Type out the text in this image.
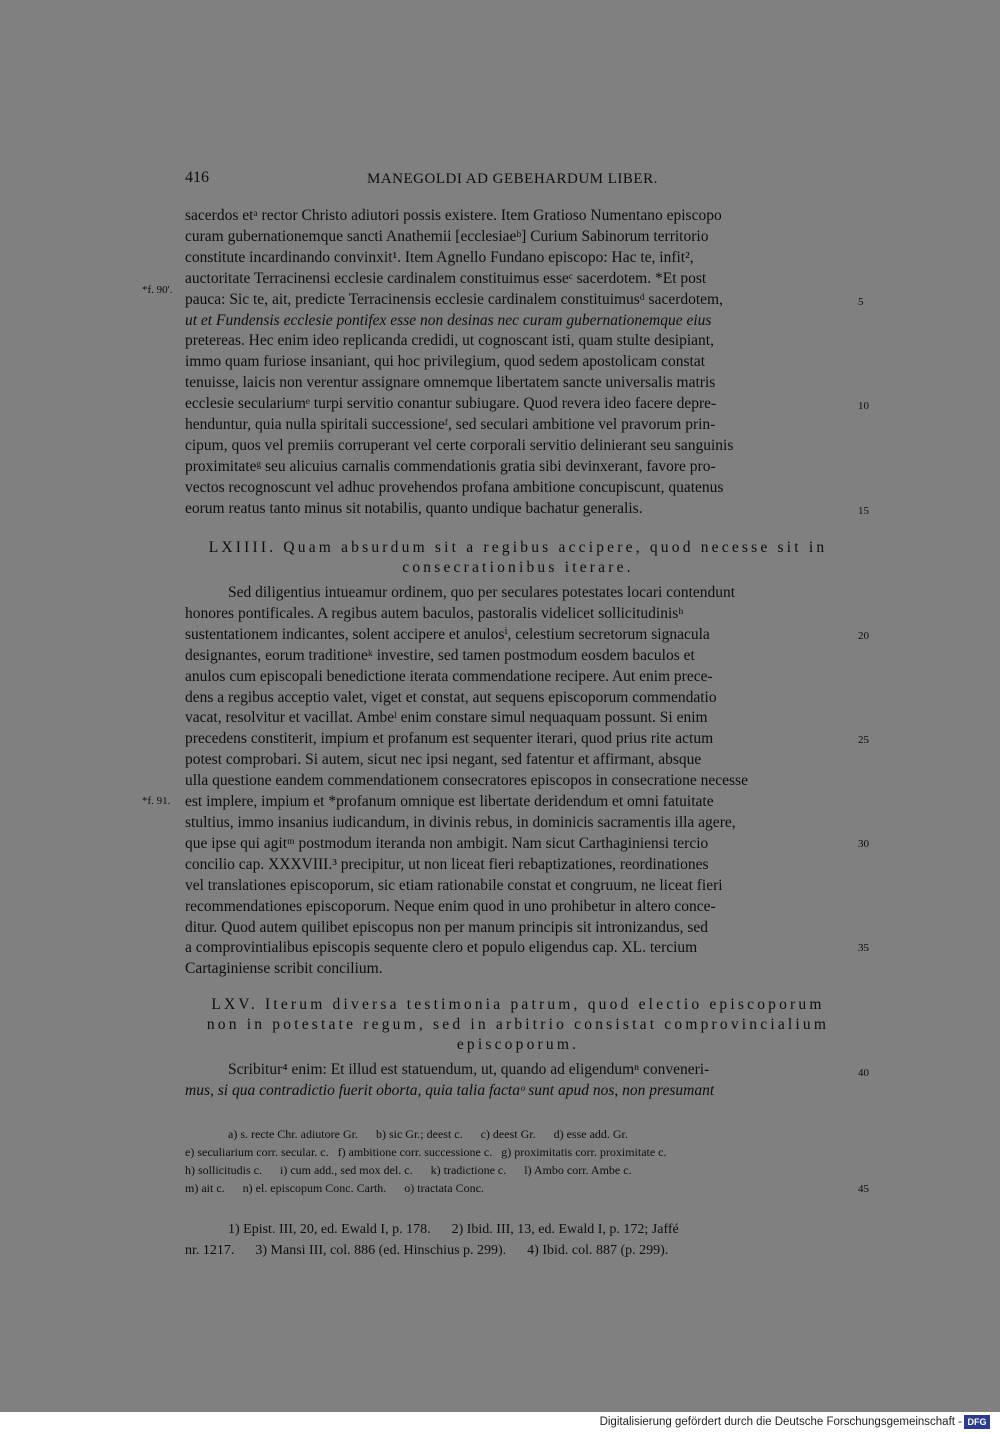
416	MANEGOLDI AD GEBEHARDUM LIBER.
*f. 90'.
*f. 91.
5
10
15
20
25
30
35
40
45

sacerdos etᵃ rector Christo adiutori possis existere. Item Gratioso Numentano episcopo

curam gubernationemque sancti Anathemii [ecclesiaeᵇ] Curium Sabinorum territorio

constitute incardinando convinxit¹. Item Agnello Fundano episcopo: Hac te, infit²,

auctoritate Terracinensi ecclesie cardinalem constituimus esseᶜ sacerdotem. *Et post

pauca: Sic te, ait, predicte Terracinensis ecclesie cardinalem constituimusᵈ sacerdotem,

ut et Fundensis ecclesie pontifex esse non desinas nec curam gubernationemque eius

pretereas. Hec enim ideo replicanda credidi, ut cognoscant isti, quam stulte desipiant,

immo quam furiose insaniant, qui hoc privilegium, quod sedem apostolicam constat

tenuisse, laicis non verentur assignare omnemque libertatem sancte universalis matris

ecclesie seculariumᵉ turpi servitio conantur subiugare. Quod revera ideo facere depre-

henduntur, quia nulla spiritali successioneᶠ, sed seculari ambitione vel pravorum prin-

cipum, quos vel premiis corruperant vel certe corporali servitio delinierant seu sanguinis

proximitateᵍ seu alicuius carnalis commendationis gratia sibi devinxerant, favore pro-

vectos recognoscunt vel adhuc provehendos profana ambitione concupiscunt, quatenus

eorum reatus tanto minus sit notabilis, quanto undique bachatur generalis.

LXIIII. Quam absurdum sit a regibus accipere, quod necesse sit in
consecrationibus iterare.

Sed diligentius intueamur ordinem, quo per seculares potestates locari contendunt

honores pontificales. A regibus autem baculos, pastoralis videlicet sollicitudinisʰ

sustentationem indicantes, solent accipere et anulosⁱ, celestium secretorum signacula

designantes, eorum traditioneᵏ investire, sed tamen postmodum eosdem baculos et

anulos cum episcopali benedictione iterata commendatione recipere. Aut enim prece-

dens a regibus acceptio valet, viget et constat, aut sequens episcoporum commendatio

vacat, resolvitur et vacillat. Ambeˡ enim constare simul nequaquam possunt. Si enim

precedens constiterit, impium et profanum est sequenter iterari, quod prius rite actum

potest comprobari. Si autem, sicut nec ipsi negant, sed fatentur et affirmant, absque

ulla questione eandem commendationem consecratores episcopos in consecratione necesse

est implere, impium et *profanum omnique est libertate deridendum et omni fatuitate

stultius, immo insanius iudicandum, in divinis rebus, in dominicis sacramentis illa agere,

que ipse qui agitᵐ postmodum iteranda non ambigit. Nam sicut Carthaginiensi tercio

concilio cap. XXXVIII.³ precipitur, ut non liceat fieri rebaptizationes, reordinationes

vel translationes episcoporum, sic etiam rationabile constat et congruum, ne liceat fieri

recommendationes episcoporum. Neque enim quod in uno prohibetur in altero conce-

ditur. Quod autem quilibet episcopus non per manum principis sit intronizandus, sed

a comprovintialibus episcopis sequente clero et populo eligendus cap. XL. tercium

Cartaginiense scribit concilium.

LXV. Iterum diversa testimonia patrum, quod electio episcoporum
non in potestate regum, sed in arbitrio consistat comprovincialium
episcoporum.

Scribitur⁴ enim: Et illud est statuendum, ut, quando ad eligendumⁿ conveneri-

mus, si qua contradictio fuerit oborta, quia talia factaᵒ sunt apud nos, non presumant

a) s. recte Chr. adiutore Gr.      b) sic Gr.; deest c.      c) deest Gr.      d) esse add. Gr.
e) seculiarium corr. secular. c.   f) ambitione corr. successione c.   g) proximitatis corr. proximitate c.
h) sollicitudis c.      i) cum add., sed mox del. c.      k) tradictione c.      l) Ambo corr. Ambe c.
m) ait c.      n) el. episcopum Conc. Carth.      o) tractata Conc.
1) Epist. III, 20, ed. Ewald I, p. 178.      2) Ibid. III, 13, ed. Ewald I, p. 172; Jaffé
nr. 1217.      3) Mansi III, col. 886 (ed. Hinschius p. 299).      4) Ibid. col. 887 (p. 299).
Digitalisierung gefördert durch die Deutsche Forschungsgemeinschaft - DFG
